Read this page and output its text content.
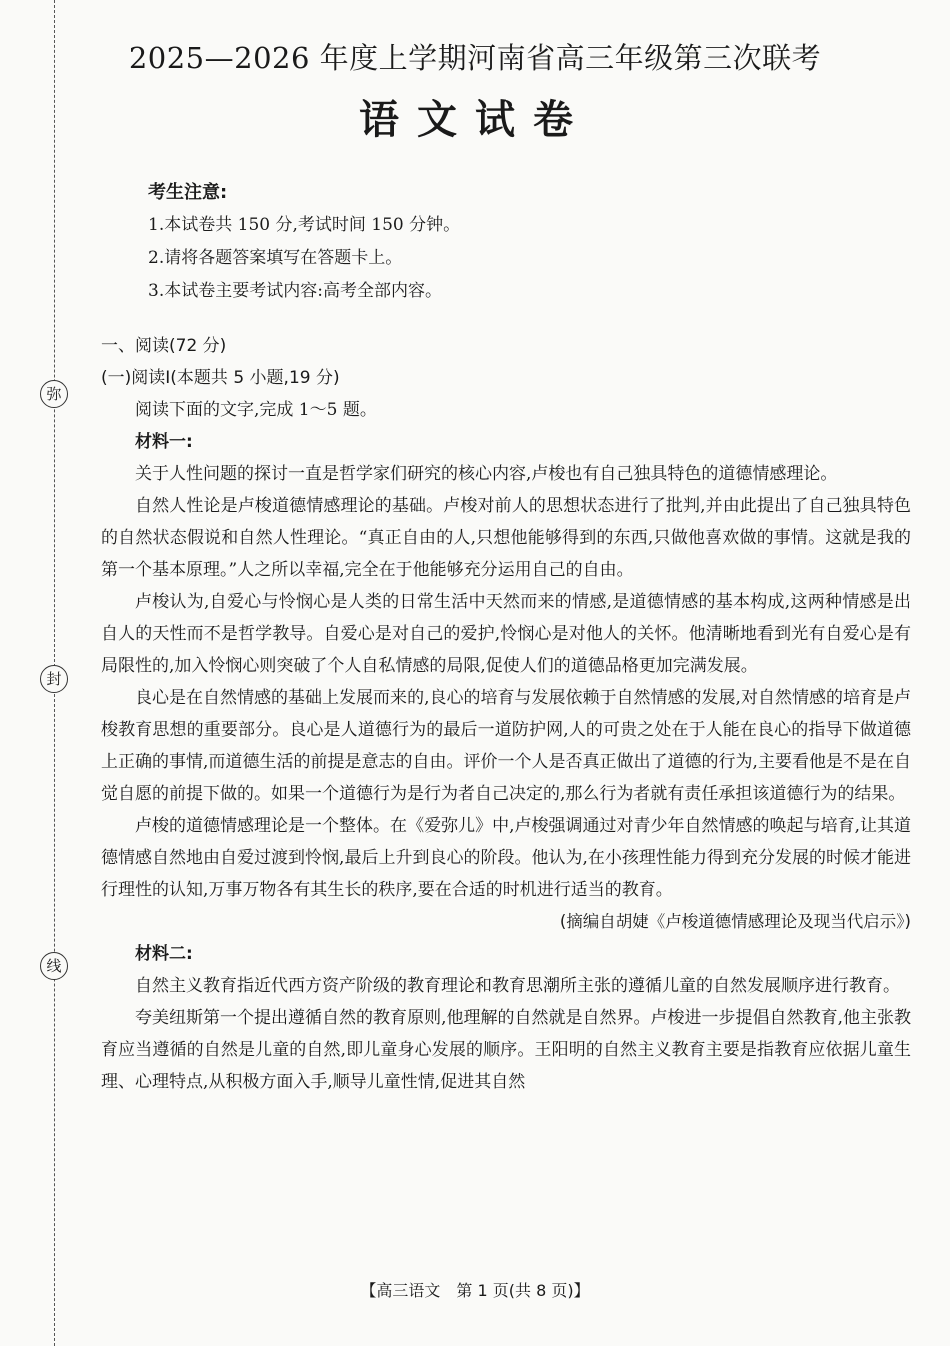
弥
封
线
2025—2026 年度上学期河南省高三年级第三次联考
语文试卷
考生注意:
1.本试卷共 150 分,考试时间 150 分钟。
2.请将各题答案填写在答题卡上。
3.本试卷主要考试内容:高考全部内容。

一、阅读(72 分)

(一)阅读Ⅰ(本题共 5 小题,19 分)

阅读下面的文字,完成 1～5 题。

材料一:

关于人性问题的探讨一直是哲学家们研究的核心内容,卢梭也有自己独具特色的道德情感理论。

自然人性论是卢梭道德情感理论的基础。卢梭对前人的思想状态进行了批判,并由此提出了自己独具特色的自然状态假说和自然人性理论。“真正自由的人,只想他能够得到的东西,只做他喜欢做的事情。这就是我的第一个基本原理。”人之所以幸福,完全在于他能够充分运用自己的自由。

卢梭认为,自爱心与怜悯心是人类的日常生活中天然而来的情感,是道德情感的基本构成,这两种情感是出自人的天性而不是哲学教导。自爱心是对自己的爱护,怜悯心是对他人的关怀。他清晰地看到光有自爱心是有局限性的,加入怜悯心则突破了个人自私情感的局限,促使人们的道德品格更加完满发展。

良心是在自然情感的基础上发展而来的,良心的培育与发展依赖于自然情感的发展,对自然情感的培育是卢梭教育思想的重要部分。良心是人道德行为的最后一道防护网,人的可贵之处在于人能在良心的指导下做道德上正确的事情,而道德生活的前提是意志的自由。评价一个人是否真正做出了道德的行为,主要看他是不是在自觉自愿的前提下做的。如果一个道德行为是行为者自己决定的,那么行为者就有责任承担该道德行为的结果。

卢梭的道德情感理论是一个整体。在《爱弥儿》中,卢梭强调通过对青少年自然情感的唤起与培育,让其道德情感自然地由自爱过渡到怜悯,最后上升到良心的阶段。他认为,在小孩理性能力得到充分发展的时候才能进行理性的认知,万事万物各有其生长的秩序,要在合适的时机进行适当的教育。

(摘编自胡婕《卢梭道德情感理论及现当代启示》)

材料二:

自然主义教育指近代西方资产阶级的教育理论和教育思潮所主张的遵循儿童的自然发展顺序进行教育。

夸美纽斯第一个提出遵循自然的教育原则,他理解的自然就是自然界。卢梭进一步提倡自然教育,他主张教育应当遵循的自然是儿童的自然,即儿童身心发展的顺序。王阳明的自然主义教育主要是指教育应依据儿童生理、心理特点,从积极方面入手,顺导儿童性情,促进其自然

【高三语文　第 1 页(共 8 页)】
